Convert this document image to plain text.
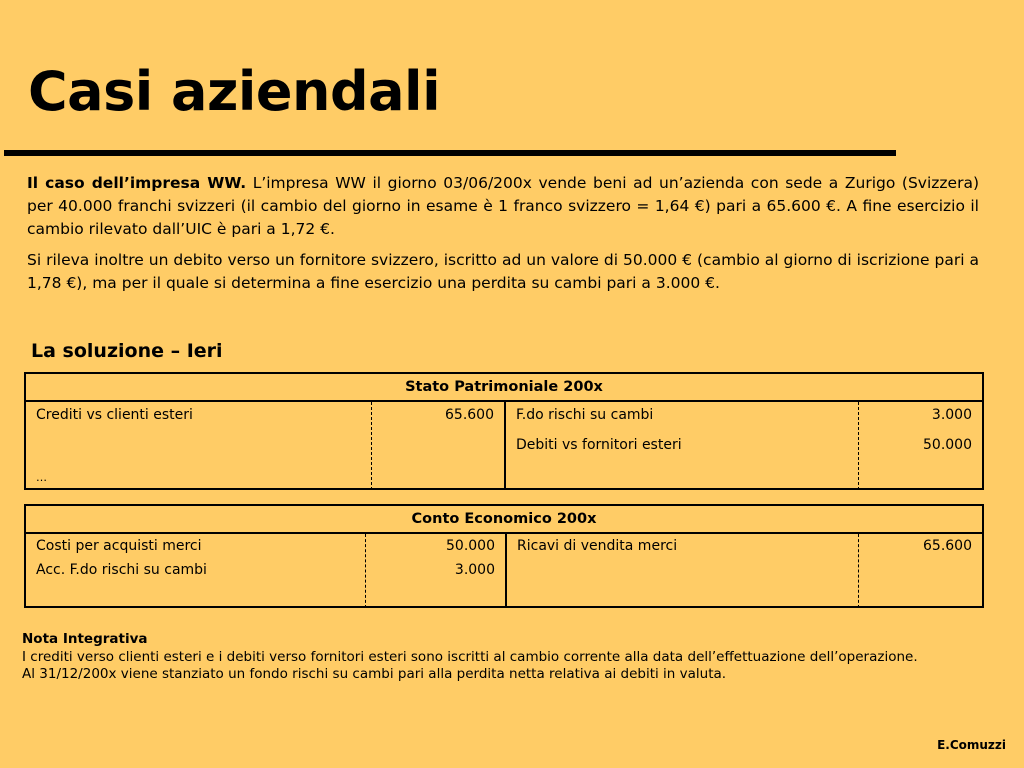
Casi aziendali

Il caso dell’impresa WW. L’impresa WW il giorno 03/06/200x vende beni ad un’azienda con sede a Zurigo (Svizzera) per 40.000 franchi svizzeri (il cambio del giorno in esame è 1 franco svizzero = 1,64 €) pari a 65.600 €. A fine esercizio il cambio rilevato dall’UIC è pari a 1,72 €.

Si rileva inoltre un debito verso un fornitore svizzero, iscritto ad un valore di 50.000 € (cambio al giorno di iscrizione pari a 1,78 €), ma per il quale si determina a fine esercizio una perdita su cambi pari a 3.000 €.

La soluzione – Ieri
Stato Patrimoniale 200x
Crediti vs clienti esteri
…
65.600	F.do rischi su cambi
Debiti vs fornitori esteri
3.000
50.000
Conto Economico 200x
Costi per acquisti merci
Acc. F.do rischi su cambi
50.000
3.000
Ricavi di vendita merci	65.600

Nota Integrativa

I crediti verso clienti esteri e i debiti verso fornitori esteri sono iscritti al cambio corrente alla data dell’effettuazione dell’operazione.

Al 31/12/200x viene stanziato un fondo rischi su cambi pari alla perdita netta relativa ai debiti in valuta.

E.Comuzzi
